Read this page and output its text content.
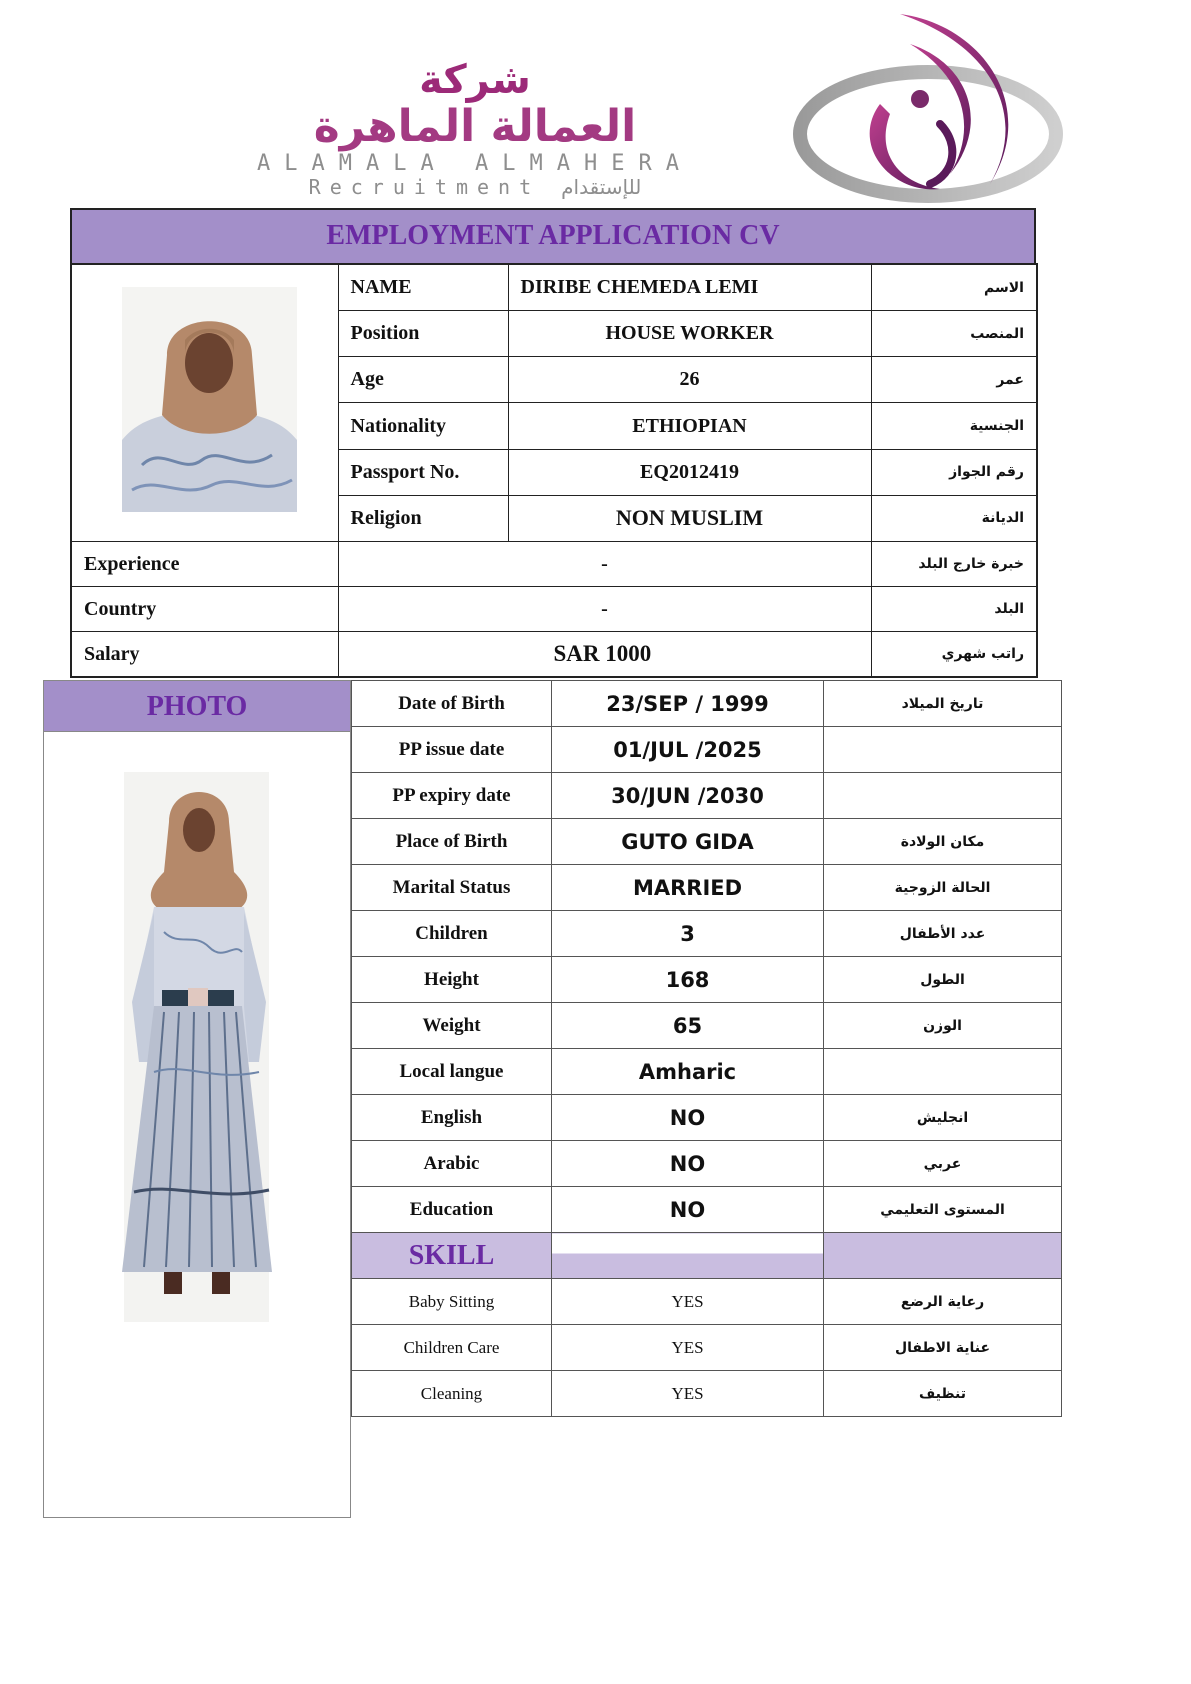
شركة
العمالة الماهرة
ALAMALA ALMAHERA
Recruitment للإستقدام
EMPLOYMENT APPLICATION CV
	NAME	DIRIBE CHEMEDA LEMI	الاسم
	Position	HOUSE WORKER	المنصب
	Age	26	عمر
	Nationality	ETHIOPIAN	الجنسية
	Passport No.	EQ2012419	رقم الجواز
	Religion	NON MUSLIM	الديانة
Experience	-		خبرة خارج البلد
Country	-		البلد
Salary	SAR 1000		راتب شهري
PHOTO	Date of Birth	23/SEP / 1999	تاريخ الميلاد
PP issue date	01/JUL /2025	
PP expiry date	30/JUN /2030	
Place of Birth	GUTO GIDA	مكان الولادة
Marital Status	MARRIED	الحالة الزوجية
Children	3	عدد الأطفال
Height	168	الطول
Weight	65	الوزن
Local langue	Amharic	
English	NO	انجليش
Arabic	NO	عربي
Education	NO	المستوى التعليمي
SKILL		
Baby Sitting	YES	رعاية الرضع
Children Care	YES	عناية الاطفال
Cleaning	YES	تنظيف
